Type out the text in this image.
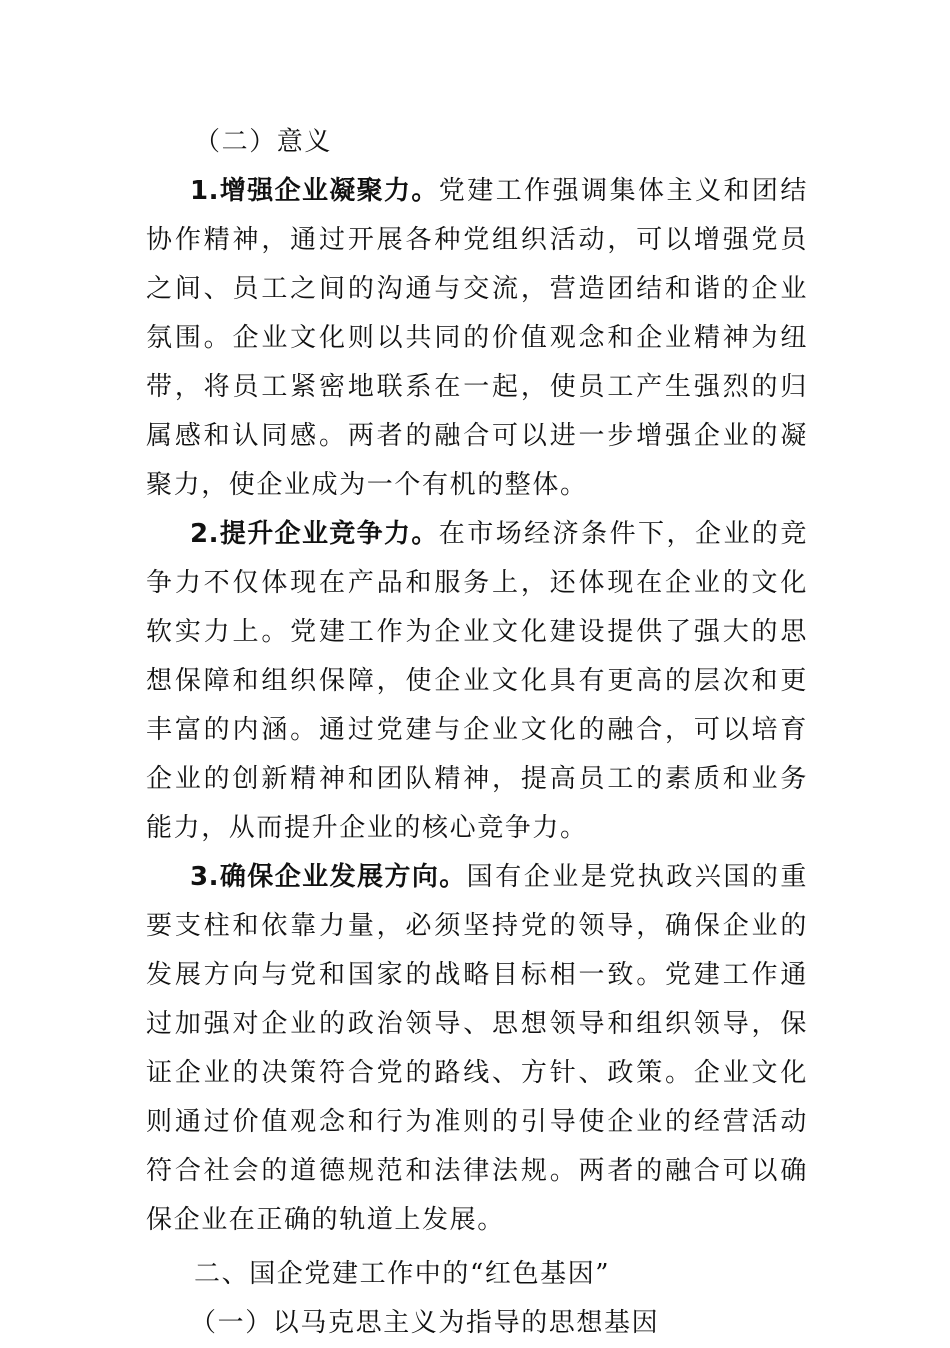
（二）意义

1.增强企业凝聚力。党建工作强调集体主义和团结协作精神，通过开展各种党组织活动，可以增强党员之间、员工之间的沟通与交流，营造团结和谐的企业氛围。企业文化则以共同的价值观念和企业精神为纽带，将员工紧密地联系在一起，使员工产生强烈的归属感和认同感。两者的融合可以进一步增强企业的凝聚力，使企业成为一个有机的整体。

2.提升企业竞争力。在市场经济条件下，企业的竞争力不仅体现在产品和服务上，还体现在企业的文化软实力上。党建工作为企业文化建设提供了强大的思想保障和组织保障，使企业文化具有更高的层次和更丰富的内涵。通过党建与企业文化的融合，可以培育企业的创新精神和团队精神，提高员工的素质和业务能力，从而提升企业的核心竞争力。

3.确保企业发展方向。国有企业是党执政兴国的重要支柱和依靠力量，必须坚持党的领导，确保企业的发展方向与党和国家的战略目标相一致。党建工作通过加强对企业的政治领导、思想领导和组织领导，保证企业的决策符合党的路线、方针、政策。企业文化则通过价值观念和行为准则的引导使企业的经营活动符合社会的道德规范和法律法规。两者的融合可以确保企业在正确的轨道上发展。

二、国企党建工作中的“红色基因”

（一）以马克思主义为指导的思想基因
